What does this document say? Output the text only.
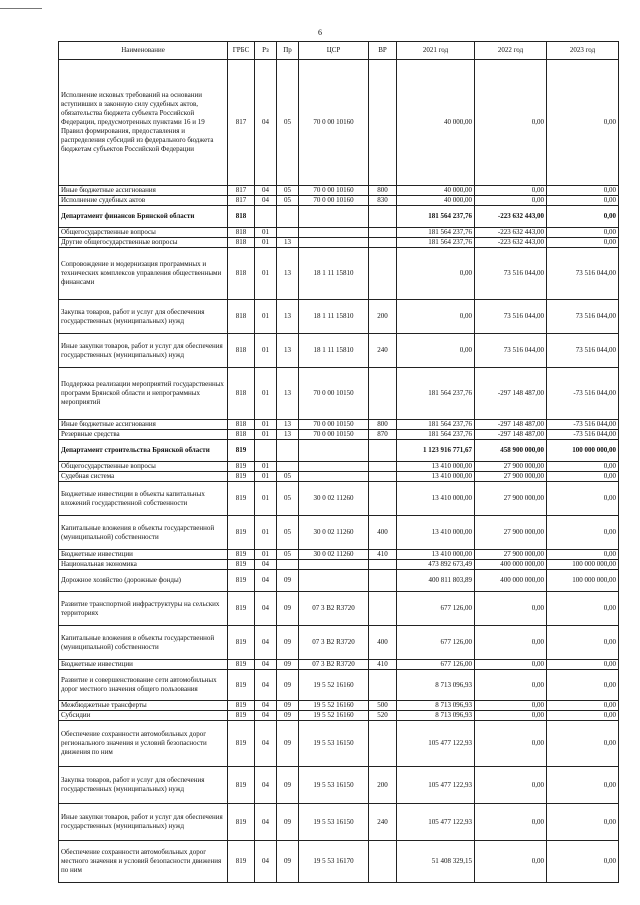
6
Наименование	ГРБС	Рз	Пр	ЦСР	ВР	2021 год	2022 год	2023 год
Исполнение исковых требований на основании вступивших в законную силу судебных актов, обязательства бюджета субъекта Российской Федерации, предусмотренных пунктами 16 и 19 Правил формирования, предоставления и распределения субсидий из федерального бюджета бюджетам субъектов Российской Федерации	817	04	05	70 0 00 10160		40 000,00	0,00	0,00
Иные бюджетные ассигнования	817	04	05	70 0 00 10160	800	40 000,00	0,00	0,00
Исполнение судебных актов	817	04	05	70 0 00 10160	830	40 000,00	0,00	0,00
Департамент финансов Брянской области	818					181 564 237,76	-223 632 443,00	0,00
Общегосударственные вопросы	818	01				181 564 237,76	-223 632 443,00	0,00
Другие общегосударственные вопросы	818	01	13			181 564 237,76	-223 632 443,00	0,00
Сопровождение и модернизация программных и технических комплексов управления общественными финансами	818	01	13	18 1 11 15810		0,00	73 516 044,00	73 516 044,00
Закупка товаров, работ и услуг для обеспечения государственных (муниципальных) нужд	818	01	13	18 1 11 15810	200	0,00	73 516 044,00	73 516 044,00
Иные закупки товаров, работ и услуг для обеспечения государственных (муниципальных) нужд	818	01	13	18 1 11 15810	240	0,00	73 516 044,00	73 516 044,00
Поддержка реализации мероприятий государственных программ Брянской области и непрограммных мероприятий	818	01	13	70 0 00 10150		181 564 237,76	-297 148 487,00	-73 516 044,00
Иные бюджетные ассигнования	818	01	13	70 0 00 10150	800	181 564 237,76	-297 148 487,00	-73 516 044,00
Резервные средства	818	01	13	70 0 00 10150	870	181 564 237,76	-297 148 487,00	-73 516 044,00
Департамент строительства Брянской области	819					1 123 916 771,67	458 900 000,00	100 000 000,00
Общегосударственные вопросы	819	01				13 410 000,00	27 900 000,00	0,00
Судебная система	819	01	05			13 410 000,00	27 900 000,00	0,00
Бюджетные инвестиции в объекты капитальных вложений государственной собственности	819	01	05	30 0 02 11260		13 410 000,00	27 900 000,00	0,00
Капитальные вложения в объекты государственной (муниципальной) собственности	819	01	05	30 0 02 11260	400	13 410 000,00	27 900 000,00	0,00
Бюджетные инвестиции	819	01	05	30 0 02 11260	410	13 410 000,00	27 900 000,00	0,00
Национальная экономика	819	04				473 892 673,49	400 000 000,00	100 000 000,00
Дорожное хозяйство (дорожные фонды)	819	04	09			400 811 803,89	400 000 000,00	100 000 000,00
Развитие транспортной инфраструктуры на сельских территориях	819	04	09	07 3 B2 R3720		677 126,00	0,00	0,00
Капитальные вложения в объекты государственной (муниципальной) собственности	819	04	09	07 3 B2 R3720	400	677 126,00	0,00	0,00
Бюджетные инвестиции	819	04	09	07 3 B2 R3720	410	677 126,00	0,00	0,00
Развитие и совершенствование сети автомобильных дорог местного значения общего пользования	819	04	09	19 5 52 16160		8 713 096,93	0,00	0,00
Межбюджетные трансферты	819	04	09	19 5 52 16160	500	8 713 096,93	0,00	0,00
Субсидии	819	04	09	19 5 52 16160	520	8 713 096,93	0,00	0,00
Обеспечение сохранности автомобильных дорог регионального значения и условий безопасности движения по ним	819	04	09	19 5 53 16150		105 477 122,93	0,00	0,00
Закупка товаров, работ и услуг для обеспечения государственных (муниципальных) нужд	819	04	09	19 5 53 16150	200	105 477 122,93	0,00	0,00
Иные закупки товаров, работ и услуг для обеспечения государственных (муниципальных) нужд	819	04	09	19 5 53 16150	240	105 477 122,93	0,00	0,00
Обеспечение сохранности автомобильных дорог местного значения и условий безопасности движения по ним	819	04	09	19 5 53 16170		51 408 329,15	0,00	0,00
